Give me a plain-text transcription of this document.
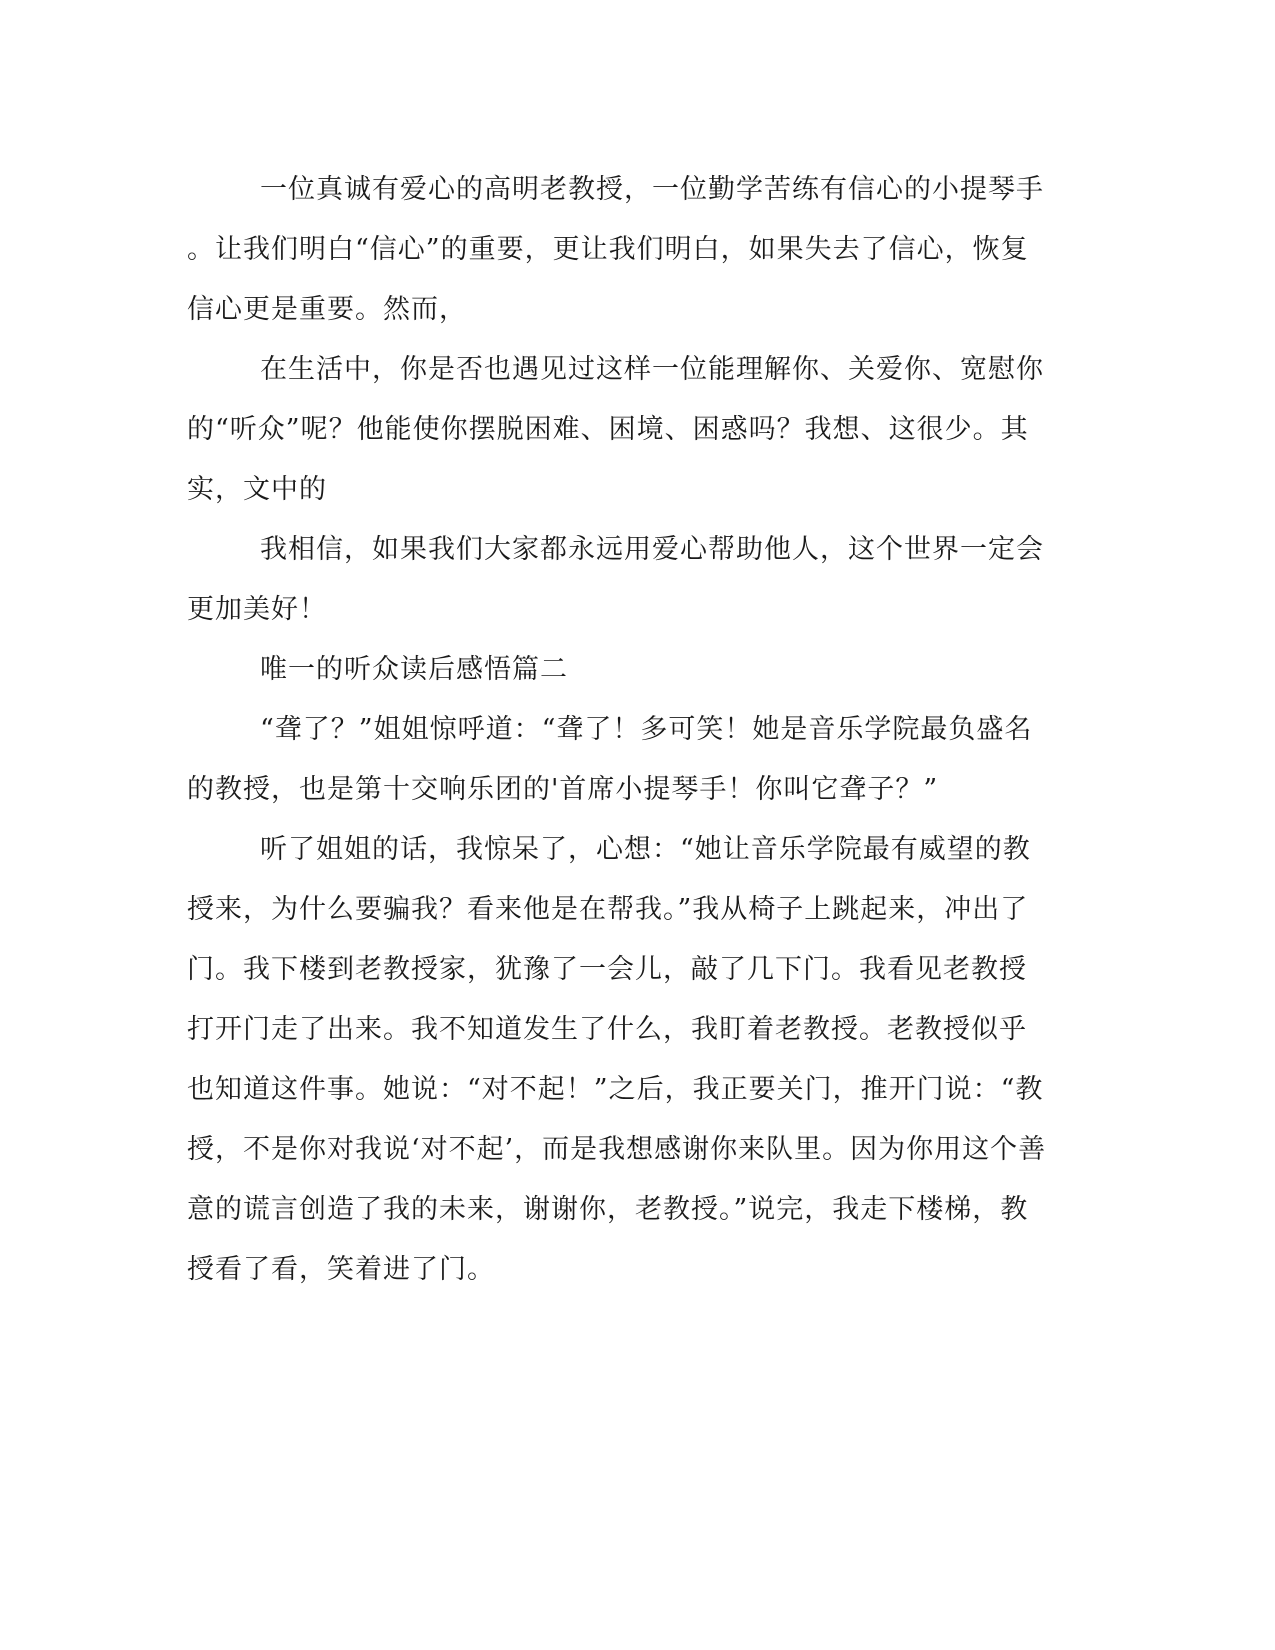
一位真诚有爱心的高明老教授，一位勤学苦练有信心的小提琴手
。让我们明白“信心”的重要，更让我们明白，如果失去了信心，恢复
信心更是重要。然而，
在生活中，你是否也遇见过这样一位能理解你、关爱你、宽慰你
的“听众”呢？他能使你摆脱困难、困境、困惑吗？我想、这很少。其
实，文中的
我相信，如果我们大家都永远用爱心帮助他人，这个世界一定会
更加美好！
唯一的听众读后感悟篇二
“聋了？”姐姐惊呼道：“聋了！多可笑！她是音乐学院最负盛名
的教授，也是第十交响乐团的'首席小提琴手！你叫它聋子？”
听了姐姐的话，我惊呆了，心想：“她让音乐学院最有威望的教
授来，为什么要骗我？看来他是在帮我。”我从椅子上跳起来，冲出了
门。我下楼到老教授家，犹豫了一会儿，敲了几下门。我看见老教授
打开门走了出来。我不知道发生了什么，我盯着老教授。老教授似乎
也知道这件事。她说：“对不起！”之后，我正要关门，推开门说：“教
授，不是你对我说‘对不起’，而是我想感谢你来队里。因为你用这个善
意的谎言创造了我的未来，谢谢你，老教授。”说完，我走下楼梯，教
授看了看，笑着进了门。
